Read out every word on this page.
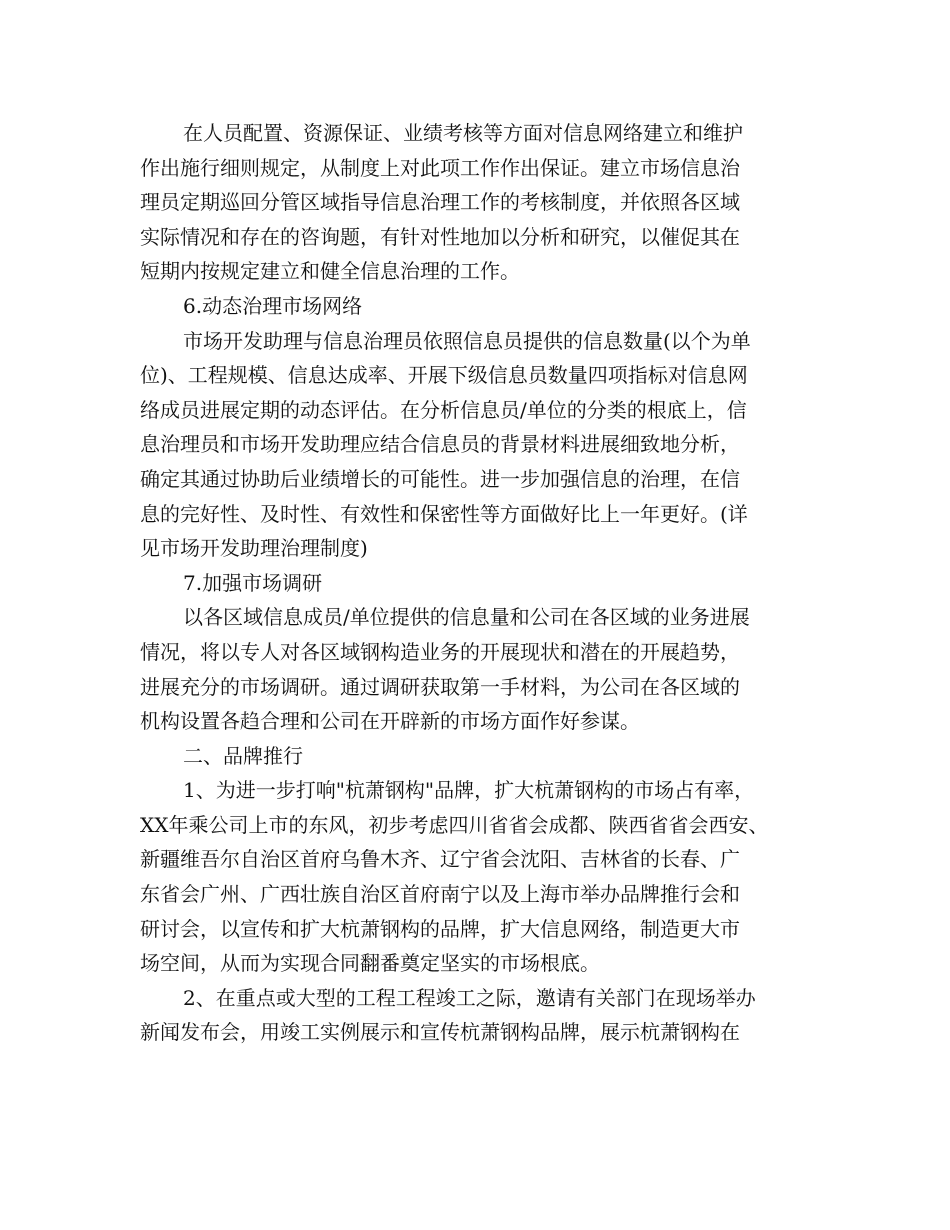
在人员配置、资源保证、业绩考核等方面对信息网络建立和维护
作出施行细则规定，从制度上对此项工作作出保证。建立市场信息治
理员定期巡回分管区域指导信息治理工作的考核制度，并依照各区域
实际情况和存在的咨询题，有针对性地加以分析和研究，以催促其在
短期内按规定建立和健全信息治理的工作。
6.动态治理市场网络
市场开发助理与信息治理员依照信息员提供的信息数量(以个为单
位)、工程规模、信息达成率、开展下级信息员数量四项指标对信息网
络成员进展定期的动态评估。在分析信息员/单位的分类的根底上，信
息治理员和市场开发助理应结合信息员的背景材料进展细致地分析，
确定其通过协助后业绩增长的可能性。进一步加强信息的治理，在信
息的完好性、及时性、有效性和保密性等方面做好比上一年更好。(详
见市场开发助理治理制度)
7.加强市场调研
以各区域信息成员/单位提供的信息量和公司在各区域的业务进展
情况，将以专人对各区域钢构造业务的开展现状和潜在的开展趋势，
进展充分的市场调研。通过调研获取第一手材料，为公司在各区域的
机构设置各趋合理和公司在开辟新的市场方面作好参谋。
二、品牌推行
1、为进一步打响"杭萧钢构"品牌，扩大杭萧钢构的市场占有率，
XX年乘公司上市的东风，初步考虑四川省省会成都、陕西省省会西安、
新疆维吾尔自治区首府乌鲁木齐、辽宁省会沈阳、吉林省的长春、广
东省会广州、广西壮族自治区首府南宁以及上海市举办品牌推行会和
研讨会，以宣传和扩大杭萧钢构的品牌，扩大信息网络，制造更大市
场空间，从而为实现合同翻番奠定坚实的市场根底。
2、在重点或大型的工程工程竣工之际，邀请有关部门在现场举办
新闻发布会，用竣工实例展示和宣传杭萧钢构品牌，展示杭萧钢构在
